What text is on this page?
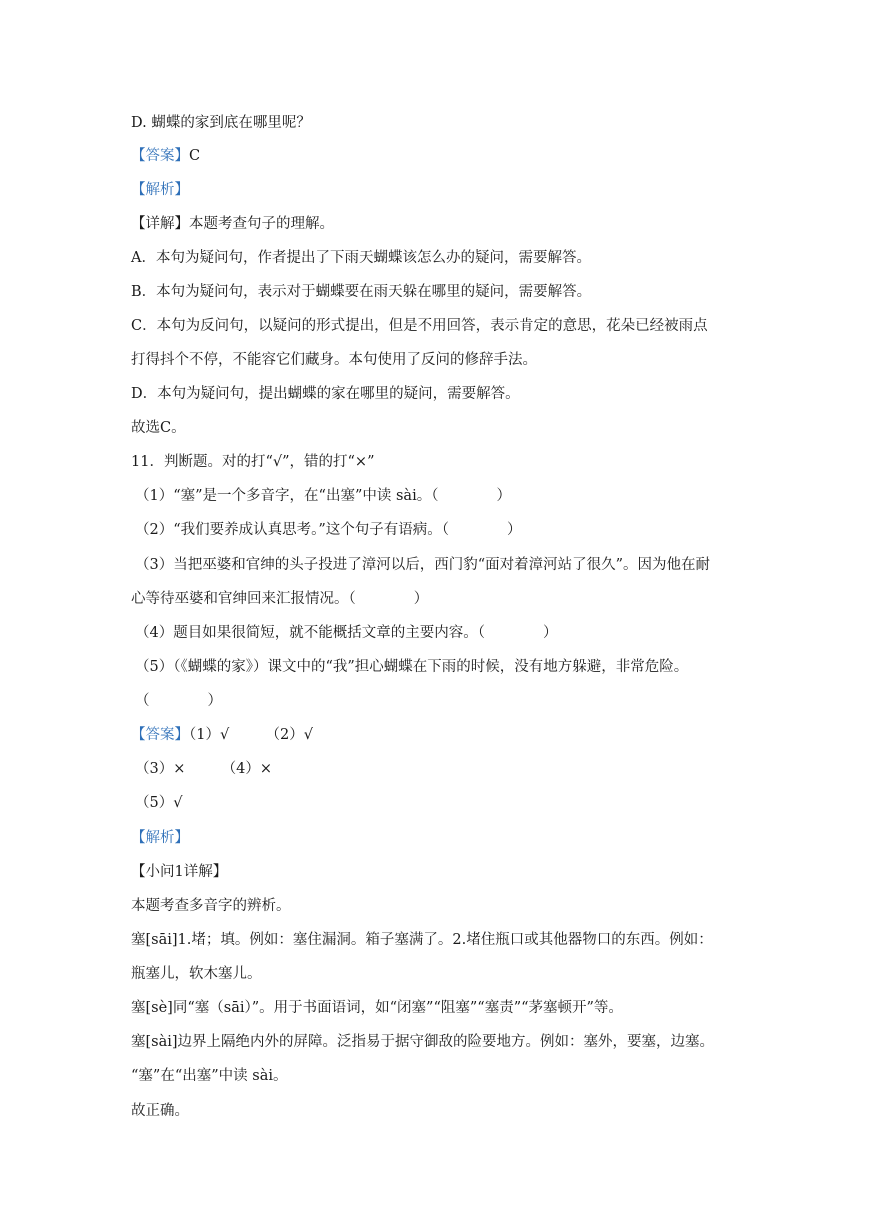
D. 蝴蝶的家到底在哪里呢？
【答案】C
【解析】
【详解】本题考查句子的理解。
A．本句为疑问句，作者提出了下雨天蝴蝶该怎么办的疑问，需要解答。
B．本句为疑问句，表示对于蝴蝶要在雨天躲在哪里的疑问，需要解答。
C．本句为反问句，以疑问的形式提出，但是不用回答，表示肯定的意思，花朵已经被雨点
打得抖个不停，不能容它们藏身。本句使用了反问的修辞手法。
D．本句为疑问句，提出蝴蝶的家在哪里的疑问，需要解答。
故选C。
11．判断题。对的打“√”，错的打“×”
（1）“塞”是一个多音字，在“出塞”中读 sài。（　　　　）
（2）“我们要养成认真思考。”这个句子有语病。（　　　　）
（3）当把巫婆和官绅的头子投进了漳河以后，西门豹“面对着漳河站了很久”。因为他在耐
心等待巫婆和官绅回来汇报情况。（　　　　）
（4）题目如果很简短，就不能概括文章的主要内容。（　　　　）
（5）（《蝴蝶的家》）课文中的“我”担心蝴蝶在下雨的时候，没有地方躲避，非常危险。
（　　　　）
【答案】（1）√　　　（2）√
（3）×　　　（4）×
（5）√
【解析】
【小问1详解】
本题考查多音字的辨析。
塞[sāi]1.堵；填。例如：塞住漏洞。箱子塞满了。2.堵住瓶口或其他器物口的东西。例如：
瓶塞儿，软木塞儿。
塞[sè]同“塞（sāi）”。用于书面语词，如“闭塞”“阻塞”“塞责”“茅塞顿开”等。
塞[sài]边界上隔绝内外的屏障。泛指易于据守御敌的险要地方。例如：塞外，要塞，边塞。
“塞”在“出塞”中读 sài。
故正确。
